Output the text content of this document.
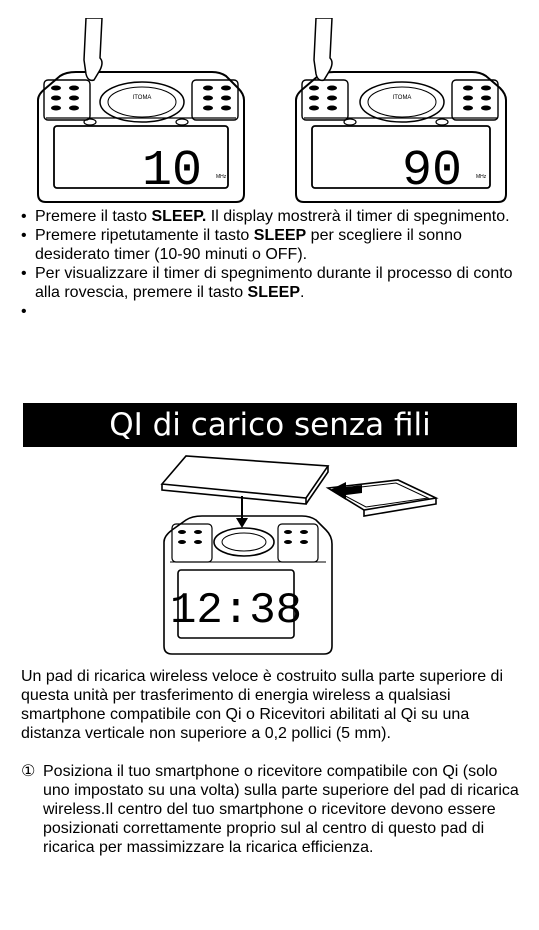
ITOMA
10	MHz
ITOMA
90	MHz
• Premere il tasto SLEEP. Il display mostrerà il timer di spegnimento.
• Premere ripetutamente il tasto SLEEP per scegliere il sonno desiderato timer (10-90 minuti o OFF).
• Per visualizzare il timer di spegnimento durante il processo di conto alla rovescia, premere il tasto SLEEP.
QI di carico senza fili
12:38

Un pad di ricarica wireless veloce è costruito sulla parte superiore di questa unità per trasferimento di energia wireless a qualsiasi smartphone compatibile con Qi o Ricevitori abilitati al Qi su una distanza verticale non superiore a 0,2 pollici (5 mm).

① Posiziona il tuo smartphone o ricevitore compatibile con Qi (solo uno impostato su una volta) sulla parte superiore del pad di ricarica wireless.Il centro del tuo smartphone o ricevitore devono essere posizionati correttamente proprio sul al centro di questo pad di ricarica per massimizzare la ricarica efficienza.
